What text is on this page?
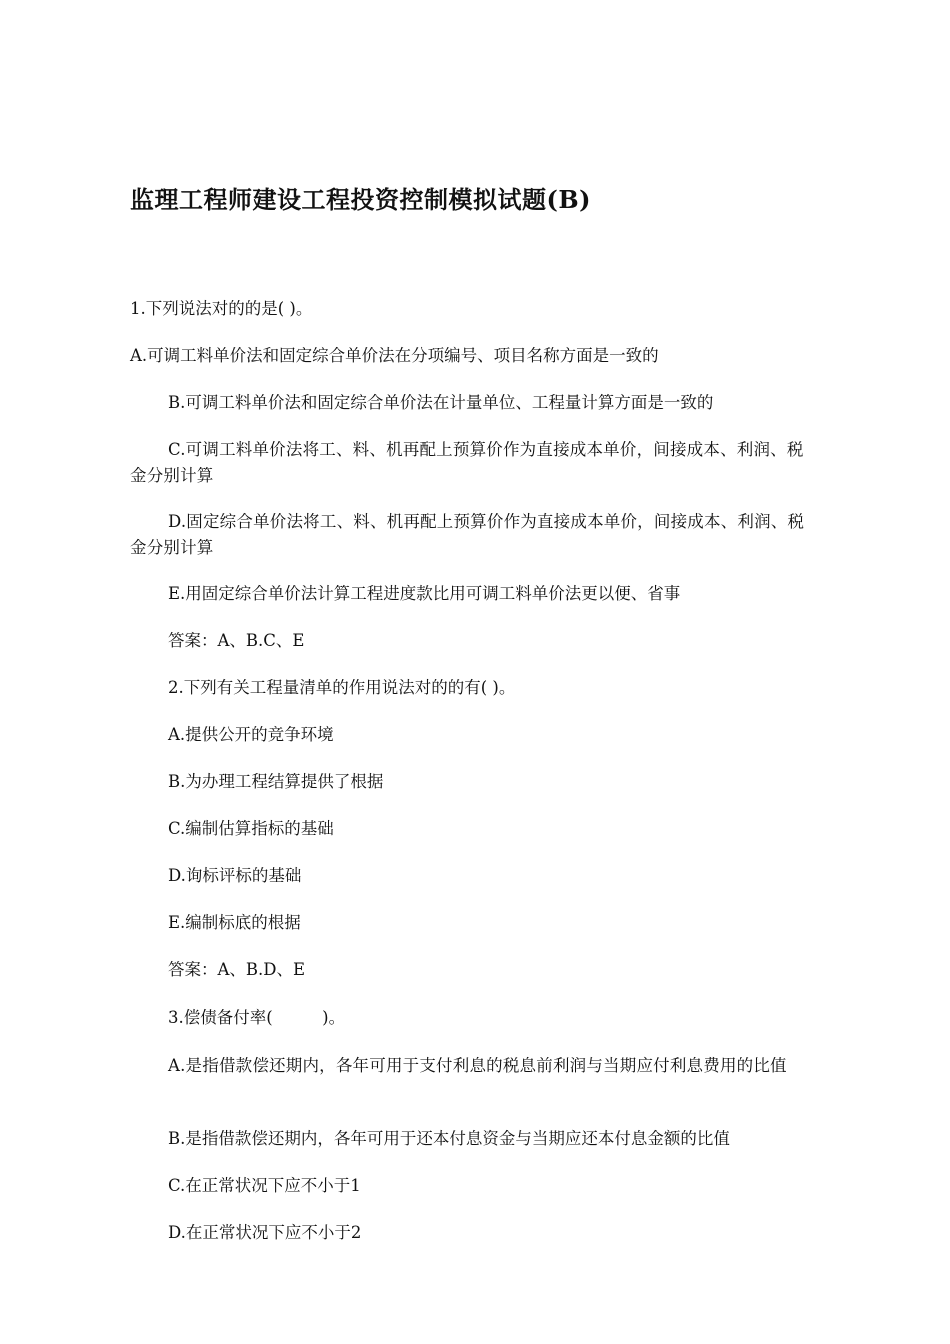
监理工程师建设工程投资控制模拟试题(B)
1.下列说法对的的是( )。
A.可调工料单价法和固定综合单价法在分项编号、项目名称方面是一致的
B.可调工料单价法和固定综合单价法在计量单位、工程量计算方面是一致的
C.可调工料单价法将工、料、机再配上预算价作为直接成本单价，间接成本、利润、税金分别计算
D.固定综合单价法将工、料、机再配上预算价作为直接成本单价，间接成本、利润、税金分别计算
E.用固定综合单价法计算工程进度款比用可调工料单价法更以便、省事
答案：A、B.C、E
2.下列有关工程量清单的作用说法对的的有( )。
A.提供公开的竞争环境
B.为办理工程结算提供了根据
C.编制估算指标的基础
D.询标评标的基础
E.编制标底的根据
答案：A、B.D、E
3.偿债备付率(　　　)。
A.是指借款偿还期内，各年可用于支付利息的税息前利润与当期应付利息费用的比值
B.是指借款偿还期内，各年可用于还本付息资金与当期应还本付息金额的比值
C.在正常状况下应不小于1
D.在正常状况下应不小于2
